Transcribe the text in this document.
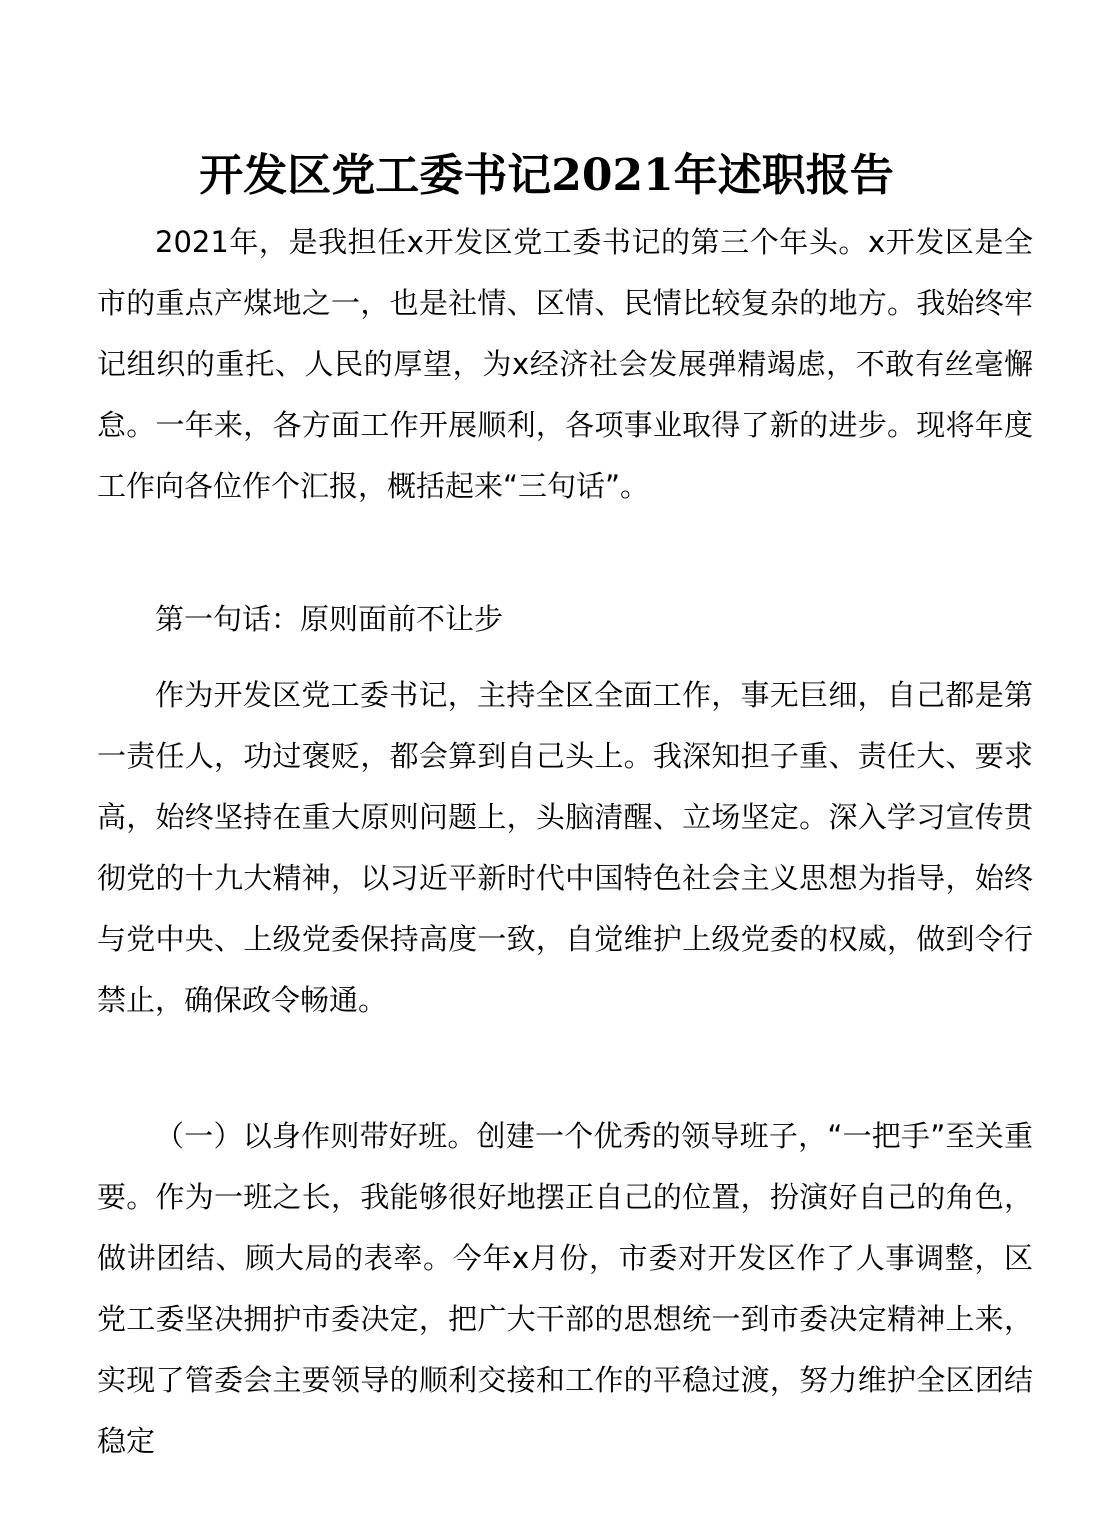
开发区党工委书记2021年述职报告

2021年，是我担任x开发区党工委书记的第三个年头。x开发区是全市的重点产煤地之一，也是社情、区情、民情比较复杂的地方。我始终牢记组织的重托、人民的厚望，为x经济社会发展弹精竭虑，不敢有丝毫懈怠。一年来，各方面工作开展顺利，各项事业取得了新的进步。现将年度工作向各位作个汇报，概括起来“三句话”。

第一句话：原则面前不让步

作为开发区党工委书记，主持全区全面工作，事无巨细，自己都是第一责任人，功过褒贬，都会算到自己头上。我深知担子重、责任大、要求高，始终坚持在重大原则问题上，头脑清醒、立场坚定。深入学习宣传贯彻党的十九大精神，以习近平新时代中国特色社会主义思想为指导，始终与党中央、上级党委保持高度一致，自觉维护上级党委的权威，做到令行禁止，确保政令畅通。

（一）以身作则带好班。创建一个优秀的领导班子，“一把手”至关重要。作为一班之长，我能够很好地摆正自己的位置，扮演好自己的角色，做讲团结、顾大局的表率。今年x月份，市委对开发区作了人事调整，区党工委坚决拥护市委决定，把广大干部的思想统一到市委决定精神上来，实现了管委会主要领导的顺利交接和工作的平稳过渡，努力维护全区团结稳定
